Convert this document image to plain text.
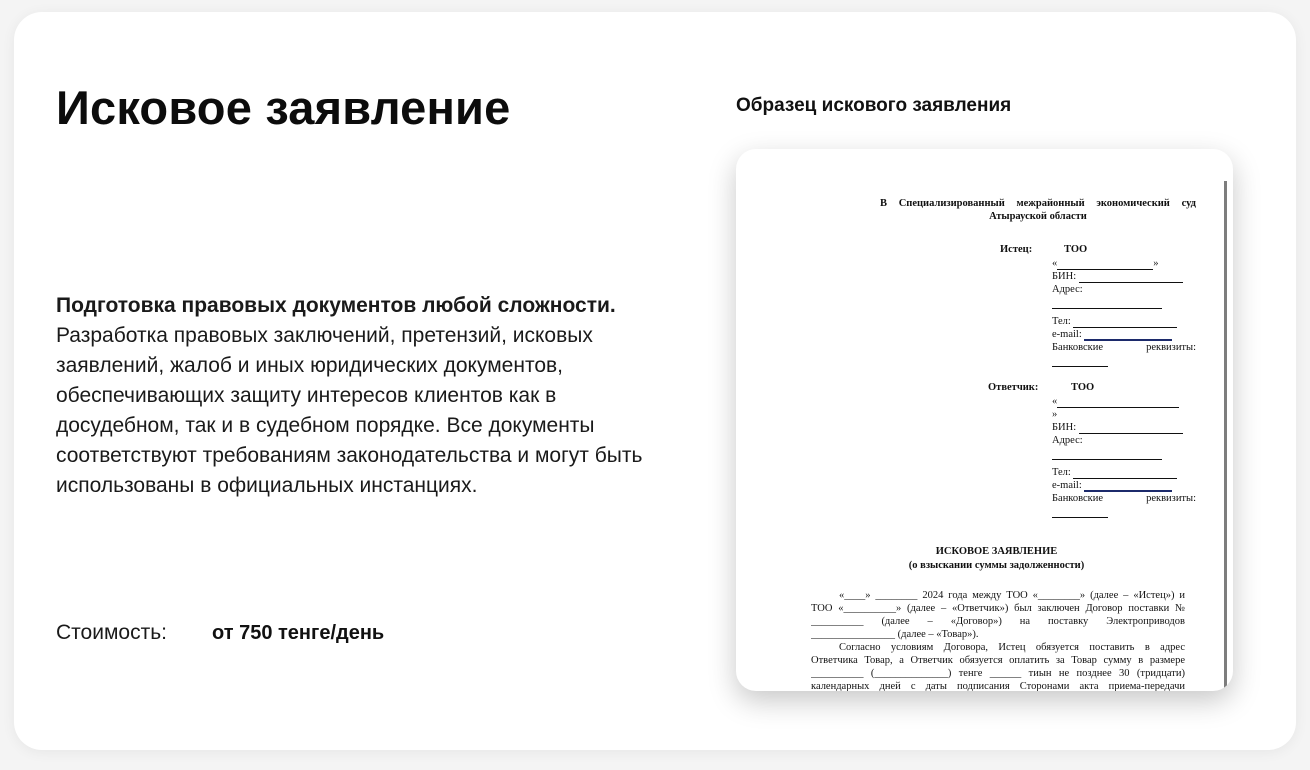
Исковое заявление
Подготовка правовых документов любой сложности.
Разработка правовых заключений, претензий, исковых заявлений, жалоб и иных юридических документов, обеспечивающих защиту интересов клиентов как в досудебном, так и в судебном порядке. Все документы соответствуют требованиям законодательства и могут быть использованы в официальных инстанциях.
Стоимость:	от 750 тенге/день
Образец искового заявления
В Специализированный межрайонный экономический суд
Атырауской области
Истец:	ТОО
«	»
БИН:
Адрес:
Тел:
e-mail:
Банковские	реквизиты:
Ответчик:	ТОО
«
»
БИН:
Адрес:
Тел:
e-mail:
Банковские	реквизиты:
ИСКОВОЕ ЗАЯВЛЕНИЕ
(о взыскании суммы задолженности)
«____» ________ 2024 года между ТОО «________» (далее – «Истец») и
ТОО «__________» (далее – «Ответчик») был заключен Договор поставки №
__________ (далее – «Договор») на поставку Электроприводов
________________ (далее – «Товар»).
Согласно условиям Договора, Истец обязуется поставить в адрес
Ответчика Товар, а Ответчик обязуется оплатить за Товар сумму в размере
__________ (______________) тенге ______ тиын не позднее 30 (тридцати)
календарных дней с даты подписания Сторонами акта приема-передачи
